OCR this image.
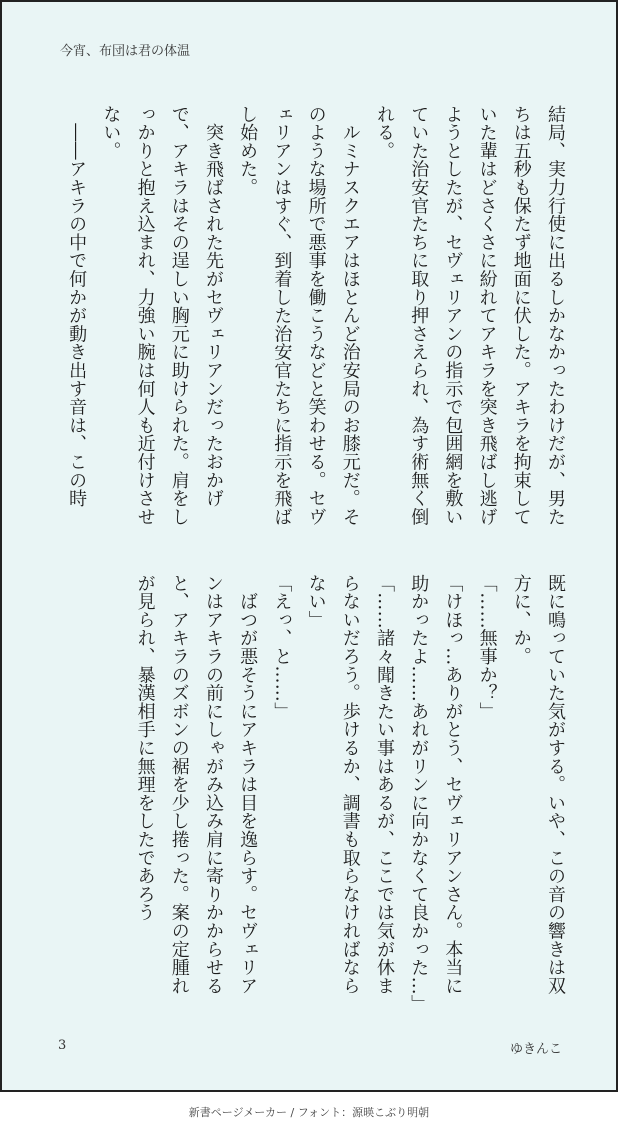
今宵、布団は君の体温

結局、実力行使に出るしかなかったわけだが、男たちは五秒も保たず地面に伏した。アキラを拘束していた輩はどさくさに紛れてアキラを突き飛ばし逃げようとしたが、セヴェリアンの指示で包囲網を敷いていた治安官たちに取り押さえられ、為す術無く倒れる。

　ルミナスクエアはほとんど治安局のお膝元だ。そのような場所で悪事を働こうなどと笑わせる。セヴェリアンはすぐ、到着した治安官たちに指示を飛ばし始めた。

　突き飛ばされた先がセヴェリアンだったおかげで、アキラはその逞しい胸元に助けられた。肩をしっかりと抱え込まれ、力強い腕は何人も近付けさせない。

　――アキラの中で何かが動き出す音は、この時

既に鳴っていた気がする。いや、この音の響きは双方に、か。

「……無事か？」

「けほっ…ありがとう、セヴェリアンさん。本当に助かったよ……あれがリンに向かなくて良かった…」

「……諸々聞きたい事はあるが、ここでは気が休まらないだろう。歩けるか、調書も取らなければならない」

「えっ、と……」

　ばつが悪そうにアキラは目を逸らす。セヴェリアンはアキラの前にしゃがみ込み肩に寄りかからせると、アキラのズボンの裾を少し捲った。案の定腫れが見られ、暴漢相手に無理をしたであろう

3	ゆきんこ
新書ページメーカー / フォント：源暎こぶり明朝
